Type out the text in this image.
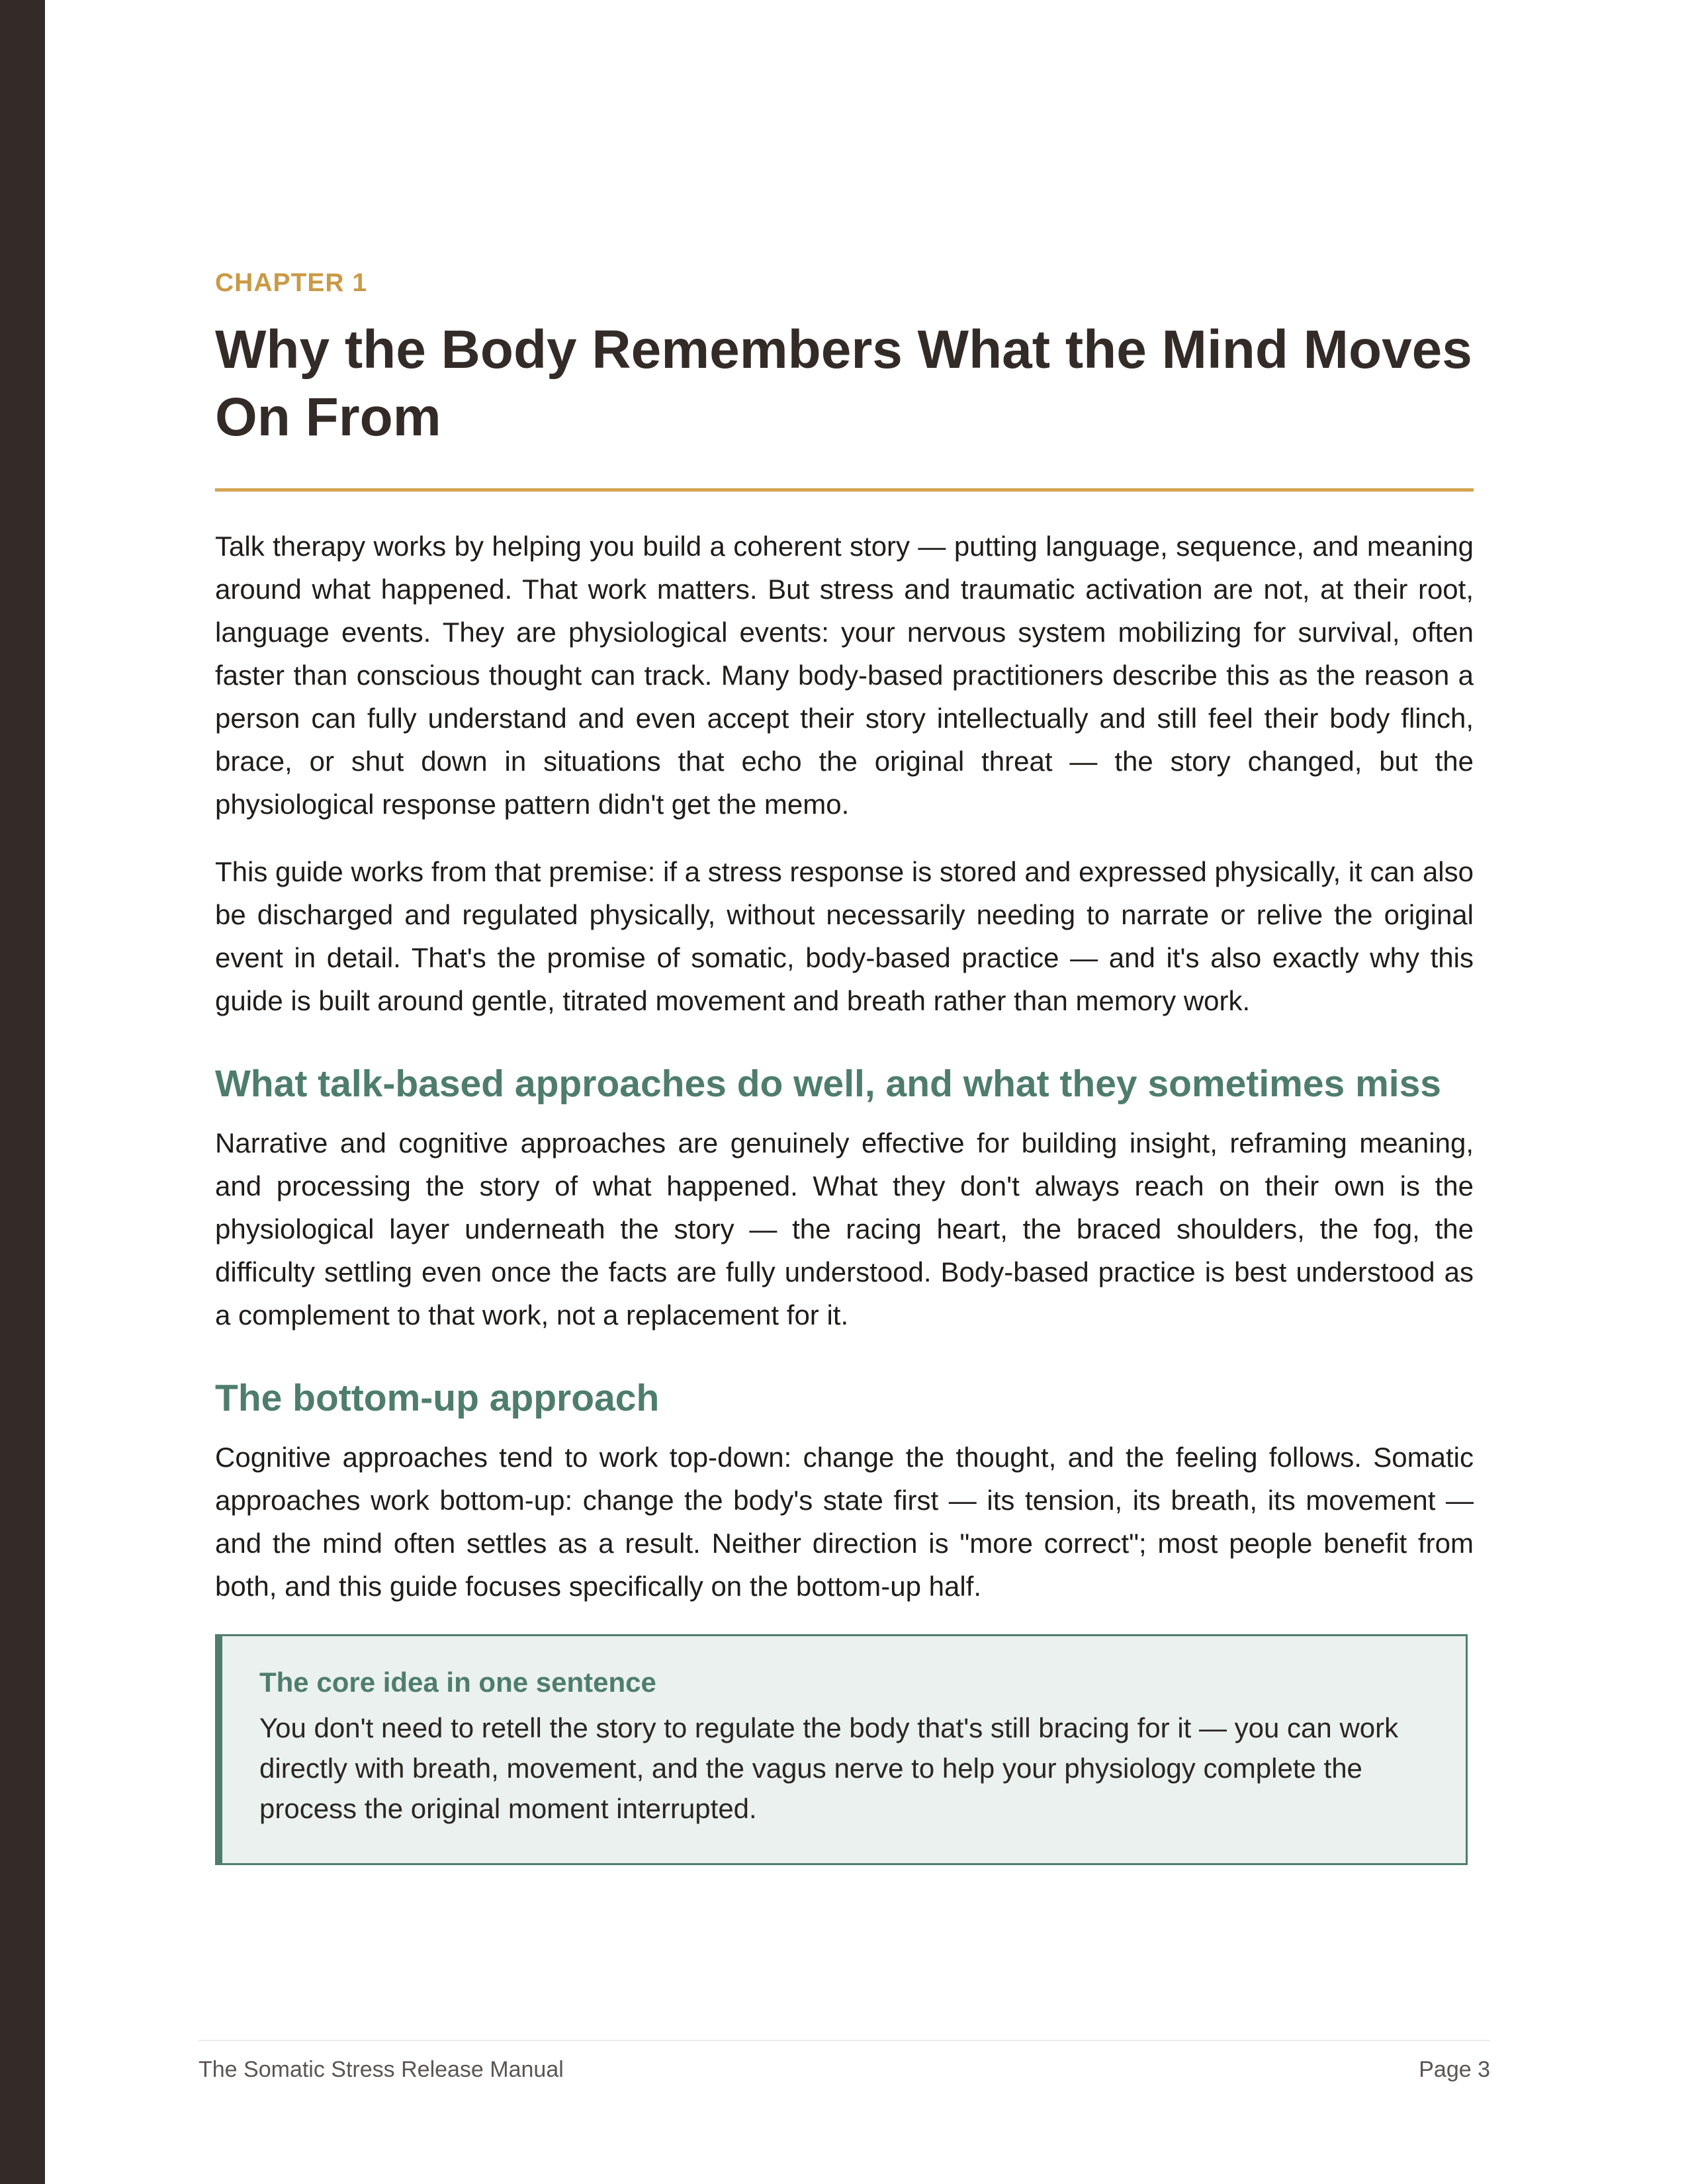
CHAPTER 1

Why the Body Remembers What the Mind Moves On From

Talk therapy works by helping you build a coherent story — putting language, sequence, and meaning around what happened. That work matters. But stress and traumatic activation are not, at their root, language events. They are physiological events: your nervous system mobilizing for survival, often faster than conscious thought can track. Many body-based practitioners describe this as the reason a person can fully understand and even accept their story intellectually and still feel their body flinch, brace, or shut down in situations that echo the original threat — the story changed, but the physiological response pattern didn't get the memo.

This guide works from that premise: if a stress response is stored and expressed physically, it can also be discharged and regulated physically, without necessarily needing to narrate or relive the original event in detail. That's the promise of somatic, body-based practice — and it's also exactly why this guide is built around gentle, titrated movement and breath rather than memory work.

What talk-based approaches do well, and what they sometimes miss

Narrative and cognitive approaches are genuinely effective for building insight, reframing meaning, and processing the story of what happened. What they don't always reach on their own is the physiological layer underneath the story — the racing heart, the braced shoulders, the fog, the difficulty settling even once the facts are fully understood. Body-based practice is best understood as a complement to that work, not a replacement for it.

The bottom-up approach

Cognitive approaches tend to work top-down: change the thought, and the feeling follows. Somatic approaches work bottom-up: change the body's state first — its tension, its breath, its movement — and the mind often settles as a result. Neither direction is "more correct"; most people benefit from both, and this guide focuses specifically on the bottom-up half.

The core idea in one sentence

You don't need to retell the story to regulate the body that's still bracing for it — you can work directly with breath, movement, and the vagus nerve to help your physiology complete the process the original moment interrupted.

The Somatic Stress Release Manual	Page 3
